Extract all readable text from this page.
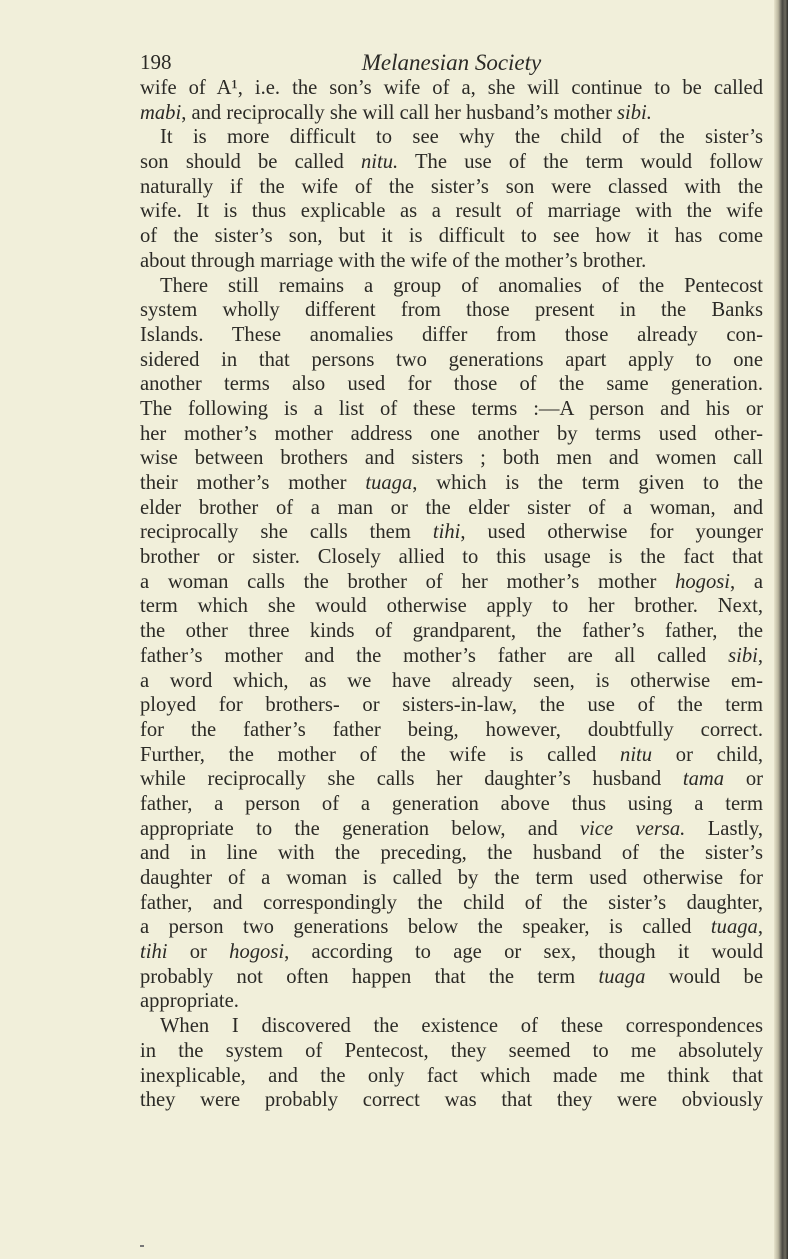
198	Melanesian Society
wife of A¹, i.e. the son’s wife of a, she will continue to be called
mabi, and reciprocally she will call her husband’s mother sibi.
It is more difficult to see why the child of the sister’s
son should be called nitu. The use of the term would follow
naturally if the wife of the sister’s son were classed with the
wife. It is thus explicable as a result of marriage with the wife
of the sister’s son, but it is difficult to see how it has come
about through marriage with the wife of the mother’s brother.
There still remains a group of anomalies of the Pentecost
system wholly different from those present in the Banks
Islands. These anomalies differ from those already con-
sidered in that persons two generations apart apply to one
another terms also used for those of the same generation.
The following is a list of these terms :—A person and his or
her mother’s mother address one another by terms used other-
wise between brothers and sisters ; both men and women call
their mother’s mother tuaga, which is the term given to the
elder brother of a man or the elder sister of a woman, and
reciprocally she calls them tihi, used otherwise for younger
brother or sister. Closely allied to this usage is the fact that
a woman calls the brother of her mother’s mother hogosi, a
term which she would otherwise apply to her brother. Next,
the other three kinds of grandparent, the father’s father, the
father’s mother and the mother’s father are all called sibi,
a word which, as we have already seen, is otherwise em-
ployed for brothers- or sisters-in-law, the use of the term
for the father’s father being, however, doubtfully correct.
Further, the mother of the wife is called nitu or child,
while reciprocally she calls her daughter’s husband tama or
father, a person of a generation above thus using a term
appropriate to the generation below, and vice versa. Lastly,
and in line with the preceding, the husband of the sister’s
daughter of a woman is called by the term used otherwise for
father, and correspondingly the child of the sister’s daughter,
a person two generations below the speaker, is called tuaga,
tihi or hogosi, according to age or sex, though it would
probably not often happen that the term tuaga would be
appropriate.
When I discovered the existence of these correspondences
in the system of Pentecost, they seemed to me absolutely
inexplicable, and the only fact which made me think that
they were probably correct was that they were obviously
